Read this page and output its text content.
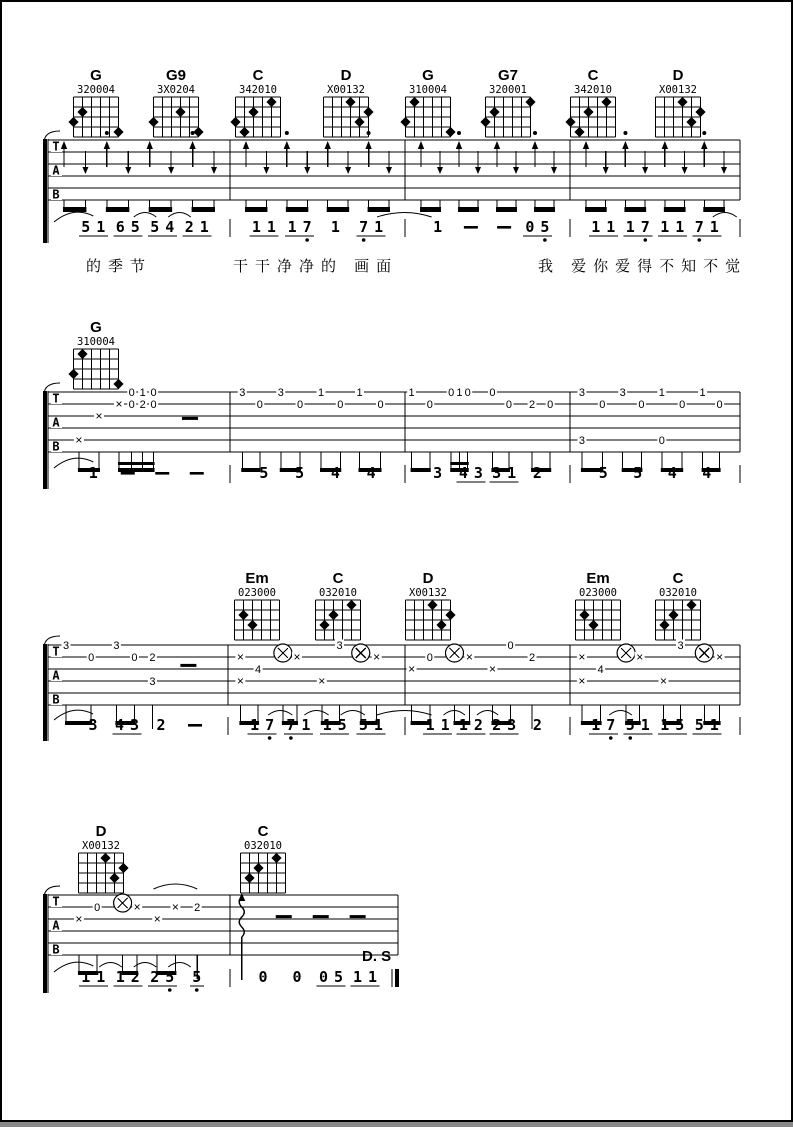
G
320004
G9
3X0204
C
342010
D
X00132
G
310004
G7
320001
C
342010
D
X00132
T
A
B
5 1 6 5 5 4 2 1	1 1 1 7 1 7 1	1	0 5	1 1 1 7 1 1 7 1
的季节	干干净净的 画面	我 爱你爱得不知不觉
G
310004
T
A
B ×
×
×
0
0
1
2
0
0
3
0
3
0
1
0
1
0
1
0
0 1 0 0
0 2 0
3
3
0
3
0
1
0
0
1
0
1	5 5 4 4	3 4 3 3 1 2	5 5 4 4
Em
023000
C
032010
D
X00132
Em
023000
C
032010
T
A
B
3
0
3
0 2
3
×
×
4
×
×
3
×
×
0	×
×
0
2	×
×
4
×
×
3
×
3 4 3 2	1 7 7 1 1 5 5 1	1 1 1 2 2 3 2	1 7 5 1 1 5 5 1
D
X00132
C
032010
T
A
B
×
0	×
×
× 2
1 1 1 2 2 5 5	0 0 0 5 1 1
D. S
